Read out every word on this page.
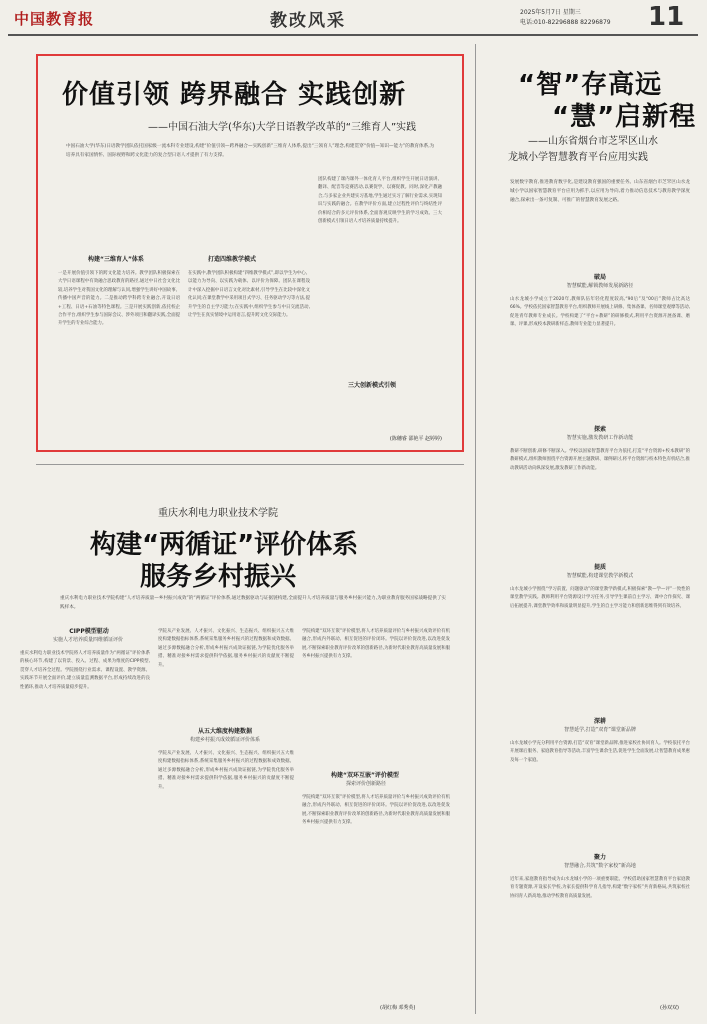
中国教育报	教改风采	2025年5月7日 星期三
电话:010-82296888 82296879 11
价值引领 跨界融合 实践创新
——中国石油大学(华东)大学日语教学改革的“三维育人”实践
中国石油大学(华东)日语教学团队依托国家级一流本科专业建设,构建“价值引领—跨界融合—实践创新”三维育人体系,提出“三领育人”理念,构建贯穿“价值—知识—能力”的教育体系,为培养具有家国情怀、国际视野和跨文化能力的复合型日语人才提供了有力支撑。
构建“三维育人”体系	打造四维教学模式
三大创新模式引领
一是开展价值引领下的跨文化能力培养。教学团队积极探索在大学日语课程中有效融合思政教育的路径,通过中日社会文化比较,培养学生对我国文化的理解与认同,增强学生讲好中国故事、传播中国声音的能力。二是推动跨学科跨专业融合,开设日语+工程、日语+石油等特色课程。三是开展实践创新,依托校企合作平台,组织学生参与国际会议、涉外项目和翻译实践,全面提升学生的专业综合能力。
在实践中,教学团队积极构建“四维教学模式”,即以学生为中心、以能力为导向、以实践为载体、以评价为保障。团队在课程设计中深入挖掘中日语言文化对比素材,引导学生在比较中深化文化认同;在课堂教学中采用项目式学习、任务驱动学习等方法,提升学生的自主学习能力;在实践中,组织学生参与中日交流活动,让学生在真实情境中运用语言,提升跨文化交际能力。
团队构建了课内课外一体化育人平台,组织学生开展日语演讲、翻译、配音等竞赛活动,以赛促学、以赛促教。同时,深化产教融合,与多家企业共建实习基地,学生通过实习了解行业需求,实现知识与实践的融合。在教学评价方面,建立过程性评价与终结性评价相结合的多元评价体系,全面客观反映学生的学习成效。三大创新模式引领日语人才培养质量持续提升。
(陈穗睿 邵艳平 赵婷婷)
“智”存高远
“慧”启新程
——山东省烟台市芝罘区山水
龙城小学智慧教育平台应用实践
发展数字教育,推进教育数字化,是建设教育强国的重要任务。山东省烟台市芝罘区山水龙城小学以国家智慧教育平台应用为抓手,以应用为导向,着力推动信息技术与教育教学深度融合,探索出一条可复制、可推广的智慧教育发展之路。
破局
智慧赋能,解锁教师发展新路径
山水龙城小学成立于2020年,教师队伍年轻化程度较高,“90后”及“00后”教师占比高达66%。学校依托国家智慧教育平台,组织教师开展线上研修、集体备课、名师课堂观摩等活动,促进青年教师专业成长。学校构建了“平台+教研”的研修模式,利用平台资源开展备课、磨课、评课,形成校本教研新样态,教师专业能力显著提升。
探索
智慧实施,激发教研工作新动能
教研不断创新,研修不断深入。学校以国家智慧教育平台为依托,打造“平台资源+校本教研”的教研模式,组织教师围绕平台资源开展主题教研、课例研讨,将平台资源与校本特色有机结合,推动教研活动向纵深发展,激发教研工作新动能。
提质
智慧赋能,构建课堂教学新模式
山水龙城小学围绕“学习前置、问题驱动”的课堂教学新模式,积极探索“教—学—评”一致性的课堂教学实践。教师利用平台资源设计学习任务,引导学生课前自主学习、课中合作探究、课后拓展提升,课堂教学效率和质量明显提升,学生的自主学习能力和创新思维得到有效培养。
深耕
智慧延学,打造“双育”课堂新品牌
山水龙城小学充分利用平台资源,打造“双育”课堂新品牌,推进家校社协同育人。学校依托平台开展课后服务、家庭教育指导等活动,丰富学生课余生活,促进学生全面发展,让智慧教育成果惠及每一个家庭。
聚力
智慧融合,共筑“数字家校”新高地
近年来,家庭教育指导成为山水龙城小学的一项重要职能。学校借助国家智慧教育平台家庭教育专题资源,开设家长学校,为家长提供科学育儿指导,构建“数字家校”共育新格局,共筑家校社协同育人新高地,推动学校教育高质量发展。
(孙双双)
重庆水利电力职业技术学院
构建“两循证”评价体系
服务乡村振兴
重庆水利电力职业技术学院构建“人才培养质量—乡村振兴成效”的“两循证”评价体系,通过数据驱动与证据链构建,全面提升人才培养质量与服务乡村振兴能力,为职业教育服务国家战略提供了实践样本。
CIPP模型驱动
实施人才培养质量四维循证评价
重庆水利电力职业技术学院将人才培养质量作为“两循证”评价体系的核心环节,构建了以背景、投入、过程、成果为维度的CIPP模型,贯穿人才培养全过程。学院围绕行业需求、课程设置、教学资源、实践环节开展全面评价,建立质量监测数据平台,形成持续改进的良性循环,推动人才培养质量稳步提升。
从五大维度构建数据
构建乡村振兴成效循证评价体系
学院从产业发展、人才振兴、文化振兴、生态振兴、组织振兴五大维度构建数据指标体系,系统采集服务乡村振兴的过程数据和成效数据。通过多源数据融合分析,形成乡村振兴成效证据链,为学院优化服务举措、精准对接乡村需求提供科学依据,服务乡村振兴的贡献度不断提升。
学院从产业发展、人才振兴、文化振兴、生态振兴、组织振兴五大维度构建数据指标体系,系统采集服务乡村振兴的过程数据和成效数据。通过多源数据融合分析,形成乡村振兴成效证据链,为学院优化服务举措、精准对接乡村需求提供科学依据,服务乡村振兴的贡献度不断提升。
构建“双环互嵌”评价模型
探索评价创新路径
学院构建“双环互嵌”评价模型,将人才培养质量评价与乡村振兴成效评价有机融合,形成内外联动、相互促进的评价闭环。学院以评价促改进,以改进促发展,不断探索职业教育评价改革的创新路径,为新时代职业教育高质量发展和服务乡村振兴提供有力支撑。
学院构建“双环互嵌”评价模型,将人才培养质量评价与乡村振兴成效评价有机融合,形成内外联动、相互促进的评价闭环。学院以评价促改进,以改进促发展,不断探索职业教育评价改革的创新路径,为新时代职业教育高质量发展和服务乡村振兴提供有力支撑。
(胡红梅 邓秀英)
